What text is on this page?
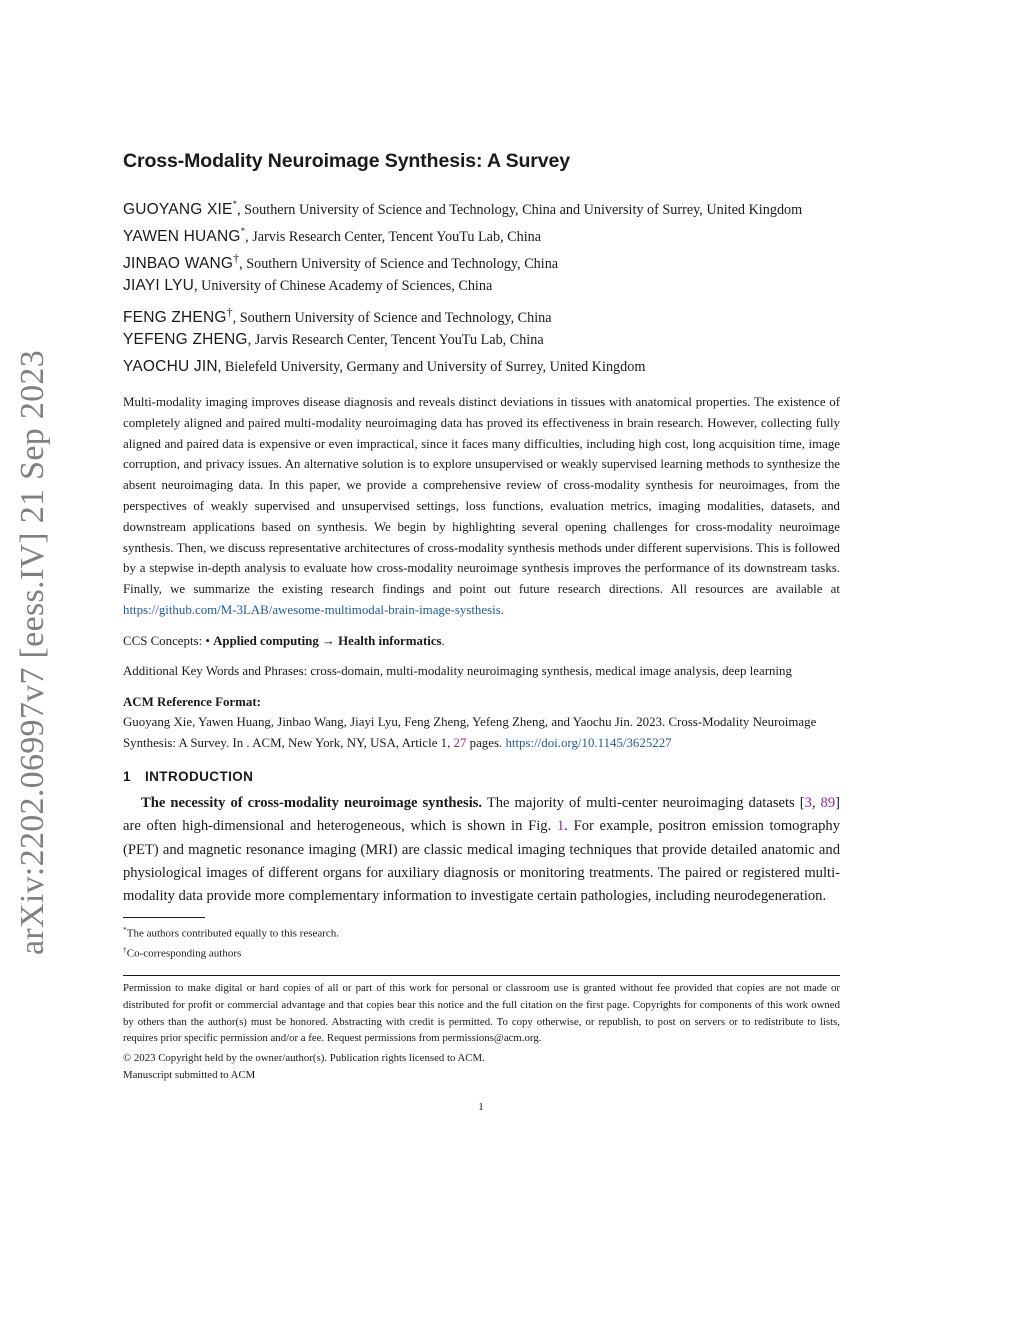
arXiv:2202.06997v7 [eess.IV] 21 Sep 2023
Cross-Modality Neuroimage Synthesis: A Survey
GUOYANG XIE*, Southern University of Science and Technology, China and University of Surrey, United Kingdom
YAWEN HUANG*, Jarvis Research Center, Tencent YouTu Lab, China
JINBAO WANG†, Southern University of Science and Technology, China
JIAYI LYU, University of Chinese Academy of Sciences, China
FENG ZHENG†, Southern University of Science and Technology, China
YEFENG ZHENG, Jarvis Research Center, Tencent YouTu Lab, China
YAOCHU JIN, Bielefeld University, Germany and University of Surrey, United Kingdom

Multi-modality imaging improves disease diagnosis and reveals distinct deviations in tissues with anatomical properties. The existence of completely aligned and paired multi-modality neuroimaging data has proved its effectiveness in brain research. However, collecting fully aligned and paired data is expensive or even impractical, since it faces many difficulties, including high cost, long acquisition time, image corruption, and privacy issues. An alternative solution is to explore unsupervised or weakly supervised learning methods to synthesize the absent neuroimaging data. In this paper, we provide a comprehensive review of cross-modality synthesis for neuroimages, from the perspectives of weakly supervised and unsupervised settings, loss functions, evaluation metrics, imaging modalities, datasets, and downstream applications based on synthesis. We begin by highlighting several opening challenges for cross-modality neuroimage synthesis. Then, we discuss representative architectures of cross-modality synthesis methods under different supervisions. This is followed by a stepwise in-depth analysis to evaluate how cross-modality neuroimage synthesis improves the performance of its downstream tasks. Finally, we summarize the existing research findings and point out future research directions. All resources are available at https://github.com/M-3LAB/awesome-multimodal-brain-image-systhesis.

CCS Concepts: • Applied computing → Health informatics.

Additional Key Words and Phrases: cross-domain, multi-modality neuroimaging synthesis, medical image analysis, deep learning

ACM Reference Format:

Guoyang Xie, Yawen Huang, Jinbao Wang, Jiayi Lyu, Feng Zheng, Yefeng Zheng, and Yaochu Jin. 2023. Cross-Modality Neuroimage Synthesis: A Survey. In . ACM, New York, NY, USA, Article 1, 27 pages. https://doi.org/10.1145/3625227

1 INTRODUCTION

The necessity of cross-modality neuroimage synthesis. The majority of multi-center neuroimaging datasets [3, 89] are often high-dimensional and heterogeneous, which is shown in Fig. 1. For example, positron emission tomography (PET) and magnetic resonance imaging (MRI) are classic medical imaging techniques that provide detailed anatomic and physiological images of different organs for auxiliary diagnosis or monitoring treatments. The paired or registered multi-modality data provide more complementary information to investigate certain pathologies, including neurodegeneration.

*The authors contributed equally to this research.
†Co-corresponding authors

Permission to make digital or hard copies of all or part of this work for personal or classroom use is granted without fee provided that copies are not made or distributed for profit or commercial advantage and that copies bear this notice and the full citation on the first page. Copyrights for components of this work owned by others than the author(s) must be honored. Abstracting with credit is permitted. To copy otherwise, or republish, to post on servers or to redistribute to lists, requires prior specific permission and/or a fee. Request permissions from permissions@acm.org.

© 2023 Copyright held by the owner/author(s). Publication rights licensed to ACM.

Manuscript submitted to ACM

1
